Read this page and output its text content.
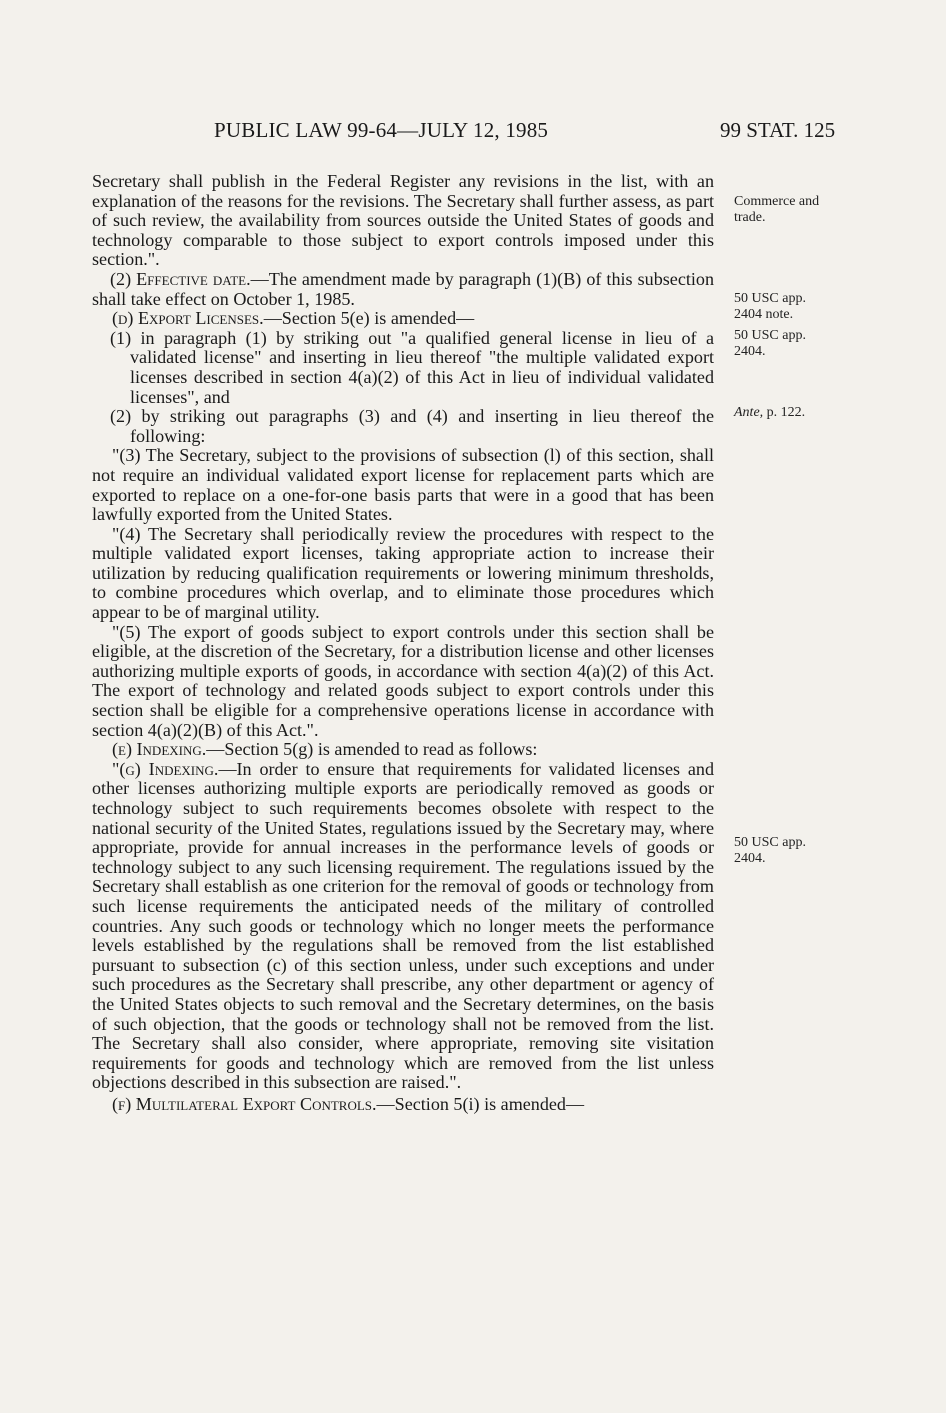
PUBLIC LAW 99-64—JULY 12, 1985	99 STAT. 125

Secretary shall publish in the Federal Register any revisions in the list, with an explanation of the reasons for the revisions. The Secretary shall further assess, as part of such review, the availability from sources outside the United States of goods and technology comparable to those subject to export controls imposed under this section.".

(2) Effective date.—The amendment made by paragraph (1)(B) of this subsection shall take effect on October 1, 1985.

(d) Export Licenses.—Section 5(e) is amended—

(1) in paragraph (1) by striking out "a qualified general license in lieu of a validated license" and inserting in lieu thereof "the multiple validated export licenses described in section 4(a)(2) of this Act in lieu of individual validated licenses", and

(2) by striking out paragraphs (3) and (4) and inserting in lieu thereof the following:

"(3) The Secretary, subject to the provisions of subsection (l) of this section, shall not require an individual validated export license for replacement parts which are exported to replace on a one-for-one basis parts that were in a good that has been lawfully exported from the United States.

"(4) The Secretary shall periodically review the procedures with respect to the multiple validated export licenses, taking appropriate action to increase their utilization by reducing qualification requirements or lowering minimum thresholds, to combine procedures which overlap, and to eliminate those procedures which appear to be of marginal utility.

"(5) The export of goods subject to export controls under this section shall be eligible, at the discretion of the Secretary, for a distribution license and other licenses authorizing multiple exports of goods, in accordance with section 4(a)(2) of this Act. The export of technology and related goods subject to export controls under this section shall be eligible for a comprehensive operations license in accordance with section 4(a)(2)(B) of this Act.".

(e) Indexing.—Section 5(g) is amended to read as follows:

"(g) Indexing.—In order to ensure that requirements for validated licenses and other licenses authorizing multiple exports are periodically removed as goods or technology subject to such requirements becomes obsolete with respect to the national security of the United States, regulations issued by the Secretary may, where appropriate, provide for annual increases in the performance levels of goods or technology subject to any such licensing requirement. The regulations issued by the Secretary shall establish as one criterion for the removal of goods or technology from such license requirements the anticipated needs of the military of controlled countries. Any such goods or technology which no longer meets the performance levels established by the regulations shall be removed from the list established pursuant to subsection (c) of this section unless, under such exceptions and under such procedures as the Secretary shall prescribe, any other department or agency of the United States objects to such removal and the Secretary determines, on the basis of such objection, that the goods or technology shall not be removed from the list. The Secretary shall also consider, where appropriate, removing site visitation requirements for goods and technology which are removed from the list unless objections described in this subsection are raised.".

(f) Multilateral Export Controls.—Section 5(i) is amended—

Commerce and
trade.
50 USC app.
2404 note.
50 USC app.
2404.
Ante, p. 122.
50 USC app.
2404.
